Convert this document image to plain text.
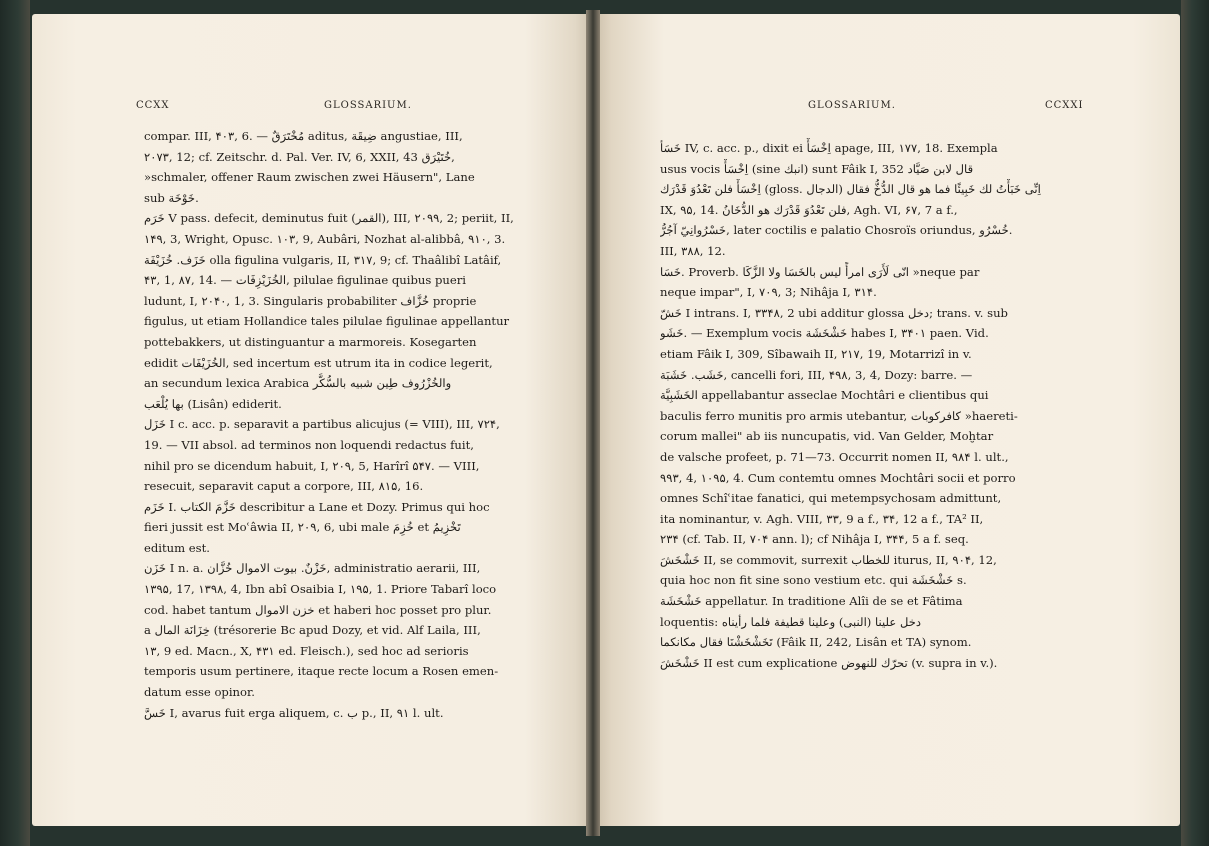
CCXX	GLOSSARIUM.
compar. III, ۴۰۳, 6. — مُخْتَرَقٌ aditus, ضِيقَة angustiae, III,
۲۰۷۳, 12; cf. Zeitschr. d. Pal. Ver. IV, 6, XXII, 43 خُتَيْرَق,
»schmaler, offener Raum zwischen zwei Häusern", Lane
sub خَوْخَة.
خَرَم V pass. defecit, deminutus fuit (القمر), III, ۲۰۹۹, 2; periit, II,
۱۴۹, 3, Wright, Opusc. ۱۰۳, 9, Aubâri, Nozhat al-alibbâ, ۹۱۰, 3.
خَزَف. خُزَيْفَة olla figulina vulgaris, II, ۳۱۷, 9; cf. Thaâlibî Latâif,
۴۳, 1, ۸۷, 14. — الخُزَيْزِفَات, pilulae figulinae quibus pueri
ludunt, I, ۲۰۴۰, 1, 3. Singularis probabiliter خُزَّاف proprie
figulus, ut etiam Hollandice tales pilulae figulinae appellantur
pottebakkers, ut distinguantur a marmoreis. Kosegarten
edidit الخُزَيْفَات, sed incertum est utrum ita in codice legerit,
an secundum lexica Arabica والخُزْرُوف طِين شبيه بالسُّكَّر
بها يُلْعَب (Lisân) ediderit.
خَزَل I c. acc. p. separavit a partibus alicujus (= VIII), III, ۷۲۴,
19. — VII absol. ad terminos non loquendi redactus fuit,
nihil pro se dicendum habuit, I, ۲۰۹, 5, Harîrî ۵۴۷. — VIII,
resecuit, separavit caput a corpore, III, ۸۱۵, 16.
خَزَم I. خَزَّمَ الكتاب describitur a Lane et Dozy. Primus qui hoc
fieri jussit est Moʿâwia II, ۲۰۹, 6, ubi male خُزِمَ et تَخْزِيمُ
editum est.
خَزَن I n. a. خَزْنٌ. بيوت الاموال خُزَّان, administratio aerarii, III,
۱۳۹۵, 17, ۱۳۹۸, 4, Ibn abî Osaibia I, ۱۹۵, 1. Priore Tabarî loco
cod. habet tantum خزن الاموال et haberi hoc posset pro plur.
a خِزَانَة المال (trésorerie Bc apud Dozy, et vid. Alf Laila, III,
۱۳, 9 ed. Macn., X, ۴۳۱ ed. Fleisch.), sed hoc ad serioris
temporis usum pertinere, itaque recte locum a Rosen emen-
datum esse opinor.
خَسَّ I, avarus fuit erga aliquem, c. ب p., II, ۹۱ l. ult.
GLOSSARIUM.	CCXXI
خَسَأ IV, c. acc. p., dixit ei اِخْسَأْ apage, III, ۱۷۷, 18. Exempla
usus vocis اِخْسَأْ (sine انبك) sunt Fâik I, 352 قال لابن صَيَّاد
اِخْسَأْ فلن تَعْدُوَ قَدْرَك (gloss. الدجال) اِنِّى خَبَأْتُ لك خَبِيئًا فما هو قال الدُّخُّ فقال
IX, ۹۵, 14. فلن تَعْدُوَ قَدْرَك هو الدُّخَانُ, Agh. VI, ۶۷, 7 a f.,
خَسْرُوانِيّ آجُرُّ, later coctilis e palatio Chosroïs oriundus, خُسْرُو.
III, ۳۸۸, 12.
خَسَا. Proverb. انّى لَأَرَى امرأً ليس بالخَسَا ولا الزَّكَا »neque par
neque impar", I, ۷۰۹, 3; Nihâja I, ۳۱۴.
خَشّ I intrans. I, ۳۳۴۸, 2 ubi additur glossa دخل; trans. v. sub
خَشَو. — Exemplum vocis خَشْخَشَة habes I, ۳۴۰۱ paen. Vid.
etiam Fâik I, 309, Sîbawaih II, ۲۱۷, 19, Motarrizî in v.
خَشَب. خَشَبَة, cancelli fori, III, ۴۹۸, 3, 4, Dozy: barre. —
الخَشَبِيَّة appellabantur asseclae Mochtâri e clientibus qui
baculis ferro munitis pro armis utebantur, كافركوبات »haereti-
corum mallei" ab iis nuncupatis, vid. Van Gelder, Moḫtar
de valsche profeet, p. 71—73. Occurrit nomen II, ۹۸۴ l. ult.,
۹۹۳, 4, ۱۰۹۵, 4. Cum contemtu omnes Mochtâri socii et porro
omnes Schîʿitae fanatici, qui metempsychosam admittunt,
ita nominantur, v. Agh. VIII, ۳۳, 9 a f., ۳۴, 12 a f., TA² II,
۲۳۴ (cf. Tab. II, ۷۰۴ ann. l); cf Nihâja I, ۳۴۴, 5 a f. seq.
خَشْخَشَ II, se commovit, surrexit للخطاب iturus, II, ۹۰۴, 12,
quia hoc non fit sine sono vestium etc. qui خَشْخَشَة s.
خَشْخَشَة appellatur. In traditione Alîi de se et Fâtima
loquentis: دخل علينا (النبى) وعلينا قطيفة فلما رأيناه
تَخَشْخَشْنَا فقال مكانكما (Fâik II, 242, Lisân et TA) synom.
خَشْخَشَ II est cum explicatione تحرّك للنهوض (v. supra in v.).
